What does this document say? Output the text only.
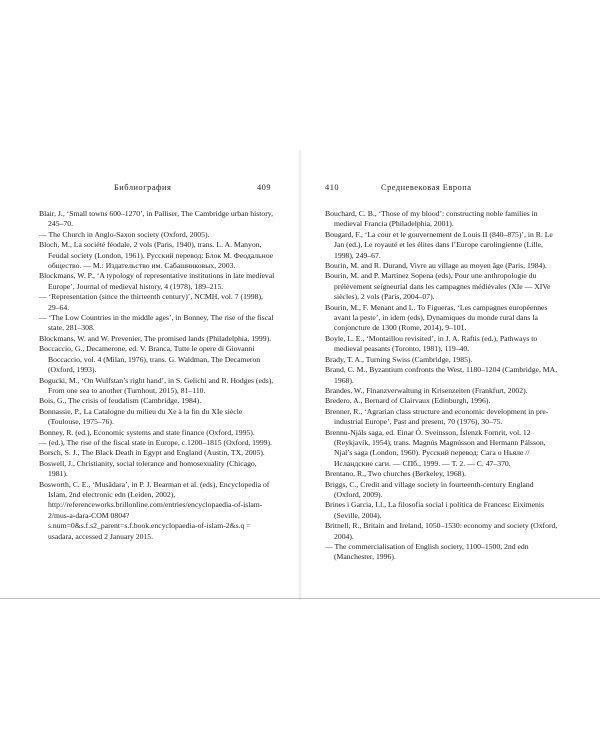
Библиография	409

Blair, J., ‘Small towns 600–1270’, in Palliser, The Cambridge urban history, 245–70.

— The Church in Anglo-Saxon society (Oxford, 2005).

Bloch, M., La société féodale, 2 vols (Paris, 1940), trans. L. A. Manyon, Feudal society (London, 1961). Русский перевод: Блок М. Феодальное общество. — М.: Издательство им. Сабашниковых, 2003.

Blockmans, W. P., ‘A typology of representative institutions in late medieval Europe’, Journal of medieval history, 4 (1978), 189–215.

— ‘Representation (since the thirteenth century)’, NCMH, vol. 7 (1998), 29–64.

— ‘The Low Countries in the middle ages’, in Bonney, The rise of the fiscal state, 281–308.

Blockmans, W. and W. Prevenier, The promised lands (Philadelphia, 1999).

Boccaccio, G., Decamerone, ed. V. Branca, Tutte le opere di Giovanni Boccaccio, vol. 4 (Milan, 1976), trans. G. Waldman, The Decameron (Oxford, 1993).

Bogucki, M., ‘On Wulfstan’s right hand’, in S. Gelichi and R. Hodges (eds), From one sea to another (Turnhout, 2015), 81–110.

Bois, G., The crisis of feudalism (Cambridge, 1984).

Bonnassie, P., La Catalogne du milieu du Xe à la fin du XIe siècle (Toulouse, 1975–76).

Bonney, R. (ed.), Economic systems and state finance (Oxford, 1995).

— (ed.), The rise of the fiscal state in Europe, c.1200–1815 (Oxford, 1999).

Borsch, S. J., The Black Death in Egypt and England (Austin, TX, 2005).

Boswell, J., Christianity, social tolerance and homosexuality (Chicago, 1981).

Bosworth, C. E., ‘Musādara’, in P. J. Bearman et al. (eds), Encyclopedia of Islam, 2nd electronic edn (Leiden, 2002), http://referenceworks.brillonline.com/entries/encyclopaedia-of-islam-2/mus-a-dara-COM 0804?s.num=0&s.f.s2_parent=s.f.book.encyclopaedia-of-islam-2&s.q = usadara, accessed 2 January 2015.

410	Средневековая Европа

Bouchard, C. B., ‘Those of my blood’: constructing noble families in medieval Francia (Philadelphia, 2001).

Bougard, F., ‘La cour et le gouvernement de Louis II (840–875)’, in R. Le Jan (ed.), Le royauté et les élites dans l’Europe carolingienne (Lille, 1998), 249–67.

Bourin, M. and R. Durand, Vivre au village au moyen âge (Paris, 1984).

Bourin, M. and P. Martínez Sopena (eds), Pour une anthropologie du prélèvement seigneurial dans les campagnes médiévales (XIe — XIVe siècles), 2 vols (Paris, 2004–07).

Bourin, M., F. Menant and L. To Figueras, ‘Les campagnes européennes avant la peste’, in idem (eds), Dynamiques du monde rural dans la conjoncture de 1300 (Rome, 2014), 9–101.

Boyle, L. E., ‘Montaillou revisited’, in J. A. Raftis (ed.), Pathways to medieval peasants (Toronto, 1981), 119–40.

Brady, T. A., Turning Swiss (Cambridge, 1985).

Brand, C. M., Byzantium confronts the West, 1180–1204 (Cambridge, MA, 1968).

Brandes, W., Finanzverwaltung in Krisenzeiten (Frankfurt, 2002).

Bredero, A., Bernard of Clairvaux (Edinburgh, 1996).

Brenner, R., ‘Agrarian class structure and economic development in pre-industrial Europe’, Past and present, 70 (1976), 30–75.

Brennu-Njáls saga, ed. Einar Ó. Sveinsson, Íslenzk Fornrit, vol. 12 (Reykjavík, 1954), trans. Magnús Magnússon and Hermann Pálsson, Njal’s saga (London, 1960). Русский перевод: Сага о Ньяле // Исландские саги. — СПб., 1999. — Т. 2. — С. 47–370.

Brentano, R., Two churches (Berkeley, 1968).

Briggs, C., Credit and village society in fourteenth-century England (Oxford, 2009).

Brines i Garcia, Ll., La filosofia social i política de Francesc Eiximenis (Seville, 2004).

Britnell, R., Britain and Ireland, 1050–1530: economy and society (Oxford, 2004).

— The commercialisation of English society, 1100–1500, 2nd edn (Manchester, 1996).
